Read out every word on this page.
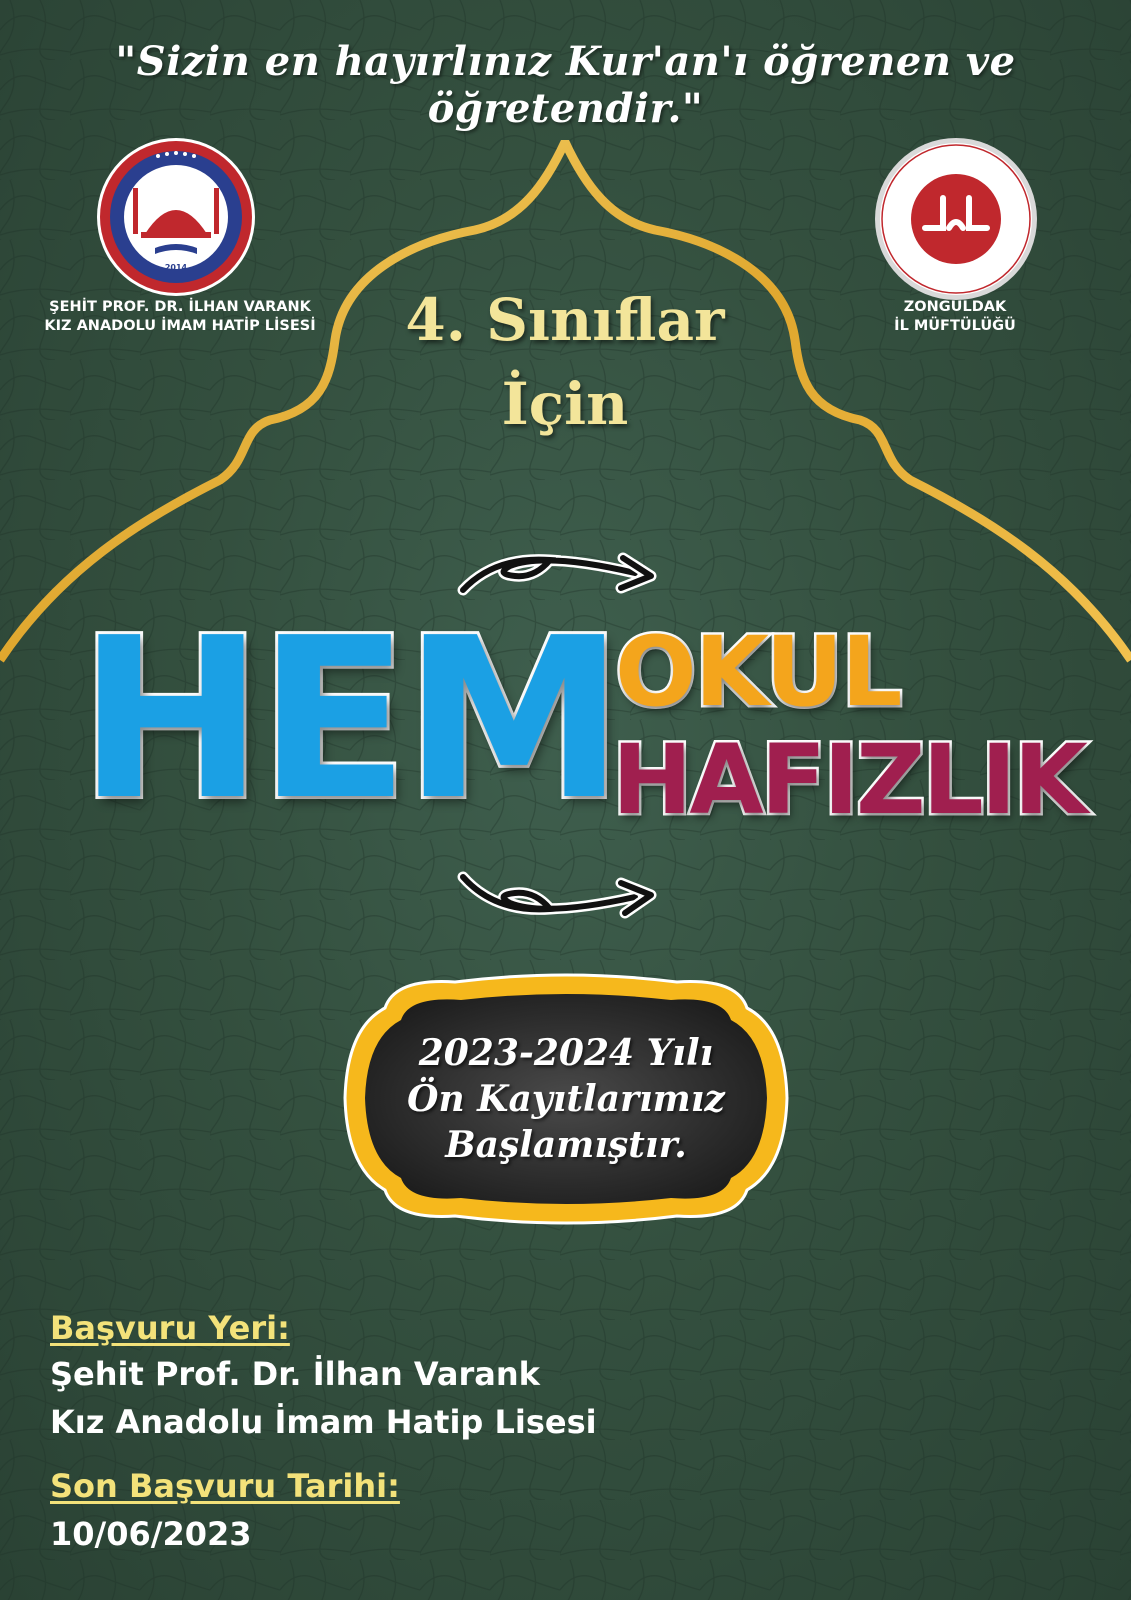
"Sizin en hayırlınız Kur'an'ı öğrenen ve öğretendir."
2014
ŞEHİT PROF. DR. İLHAN VARANK
KIZ ANADOLU İMAM HATİP LİSESİ
ZONGULDAK
İL MÜFTÜLÜĞÜ
4. Sınıflar
İçin
HEM
OKUL
HAFIZLIK
2023-2024 Yılı
Ön Kayıtlarımız
Başlamıştır.
Başvuru Yeri:
Şehit Prof. Dr. İlhan Varank
Kız Anadolu İmam Hatip Lisesi
Son Başvuru Tarihi:
10/06/2023
